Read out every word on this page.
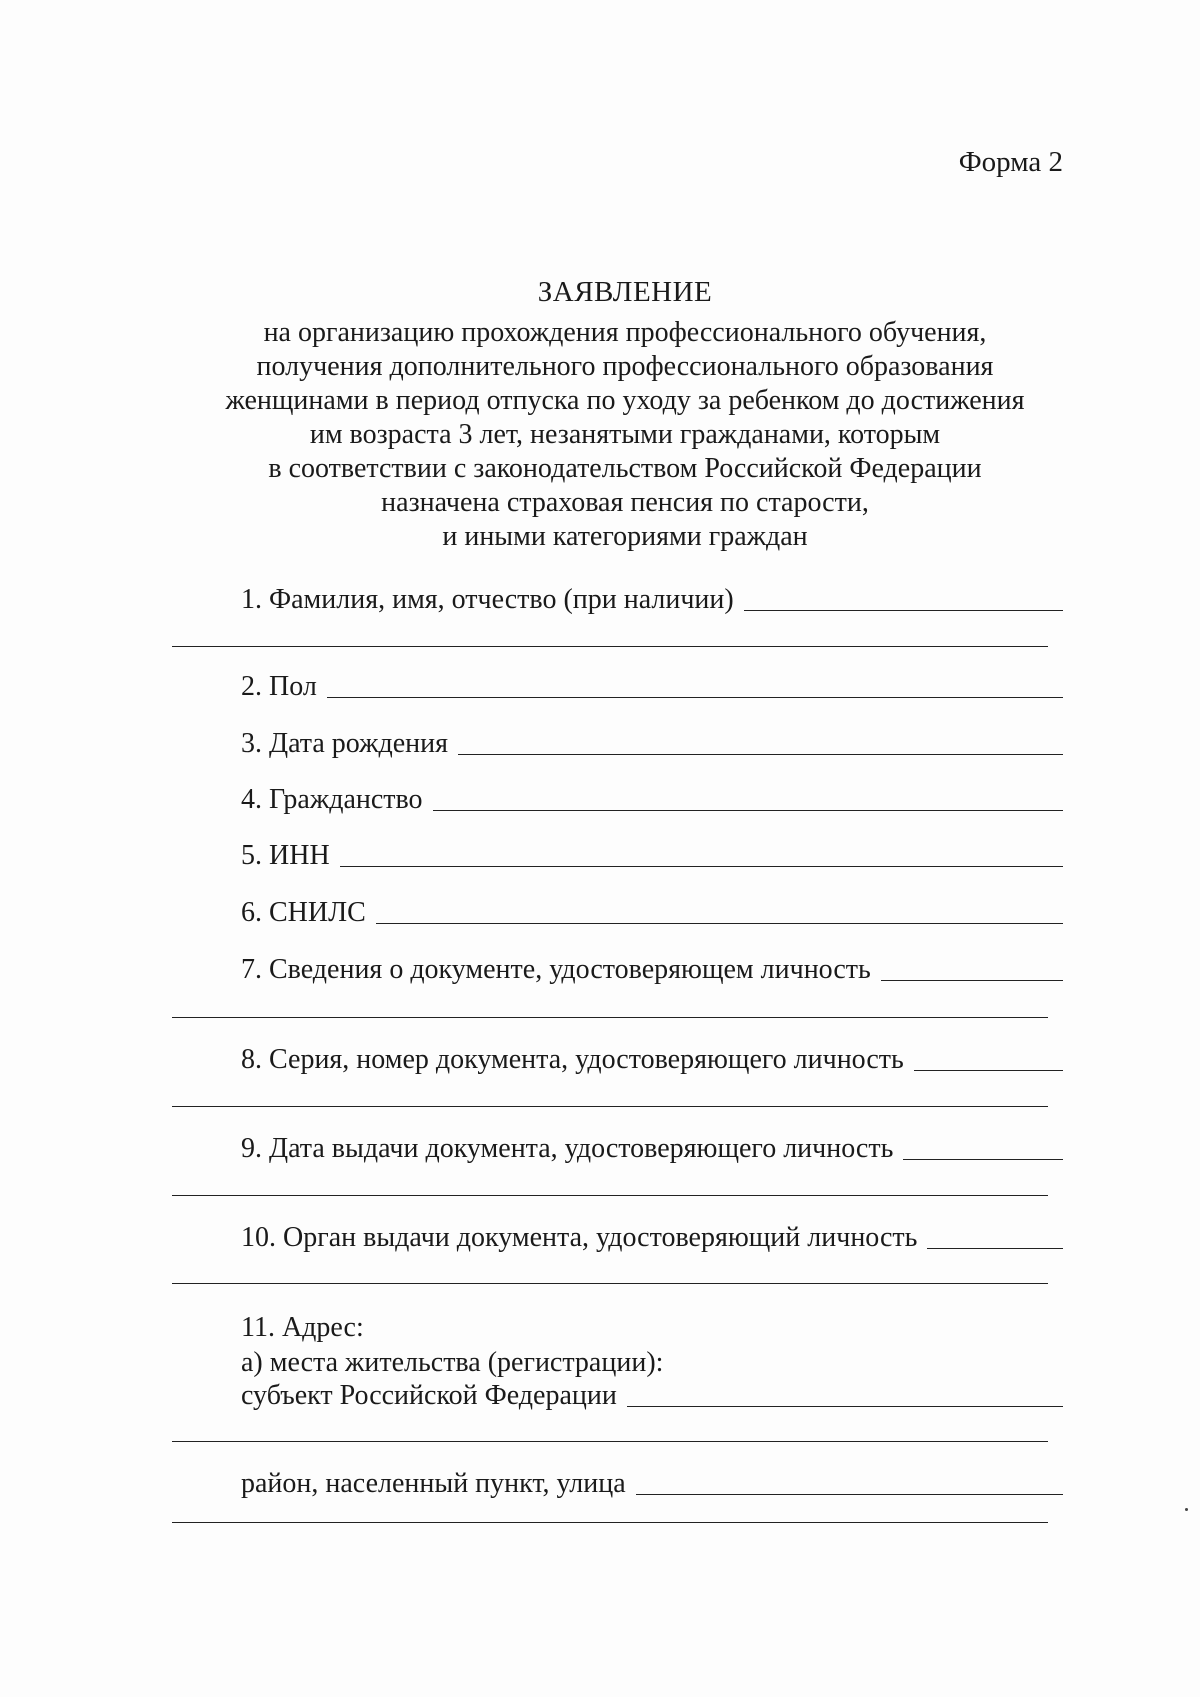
Форма 2
ЗАЯВЛЕНИЕ
на организацию прохождения профессионального обучения,
получения дополнительного профессионального образования
женщинами в период отпуска по уходу за ребенком до достижения
им возраста 3 лет, незанятыми гражданами, которым
в соответствии с законодательством Российской Федерации
назначена страховая пенсия по старости,
и иными категориями граждан
1. Фамилия, имя, отчество (при наличии)
2. Пол
3. Дата рождения
4. Гражданство
5. ИНН
6. СНИЛС
7. Сведения о документе, удостоверяющем личность
8. Серия, номер документа, удостоверяющего личность
9. Дата выдачи документа, удостоверяющего личность
10. Орган выдачи документа, удостоверяющий личность
11. Адрес:
а) места жительства (регистрации):
субъект Российской Федерации
район, населенный пункт, улица
